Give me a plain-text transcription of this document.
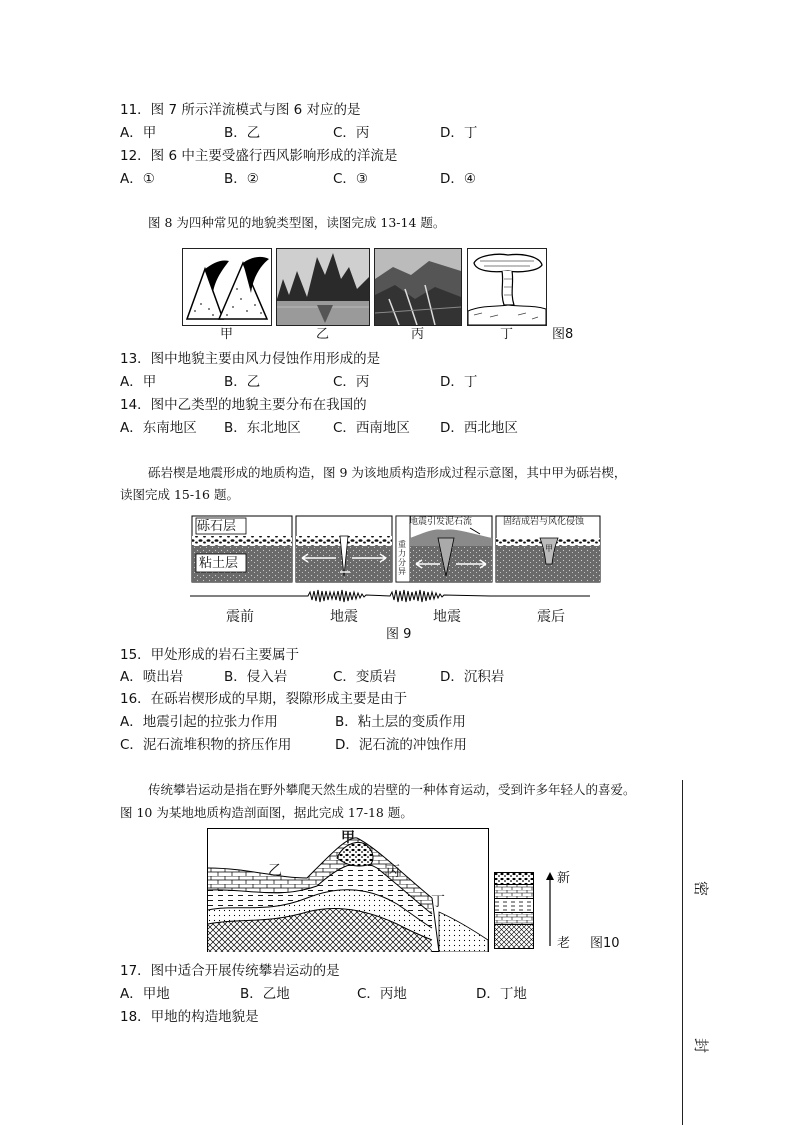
11．图 7 所示洋流模式与图 6 对应的是
A．甲	B．乙	C．丙	D．丁
12．图 6 中主要受盛行西风影响形成的洋流是
A．①	B．②	C．③	D．④
图 8 为四种常见的地貌类型图，读图完成 13-14 题。
甲	乙	丙	丁	图8
13．图中地貌主要由风力侵蚀作用形成的是
A．甲	B．乙	C．丙	D．丁
14．图中乙类型的地貌主要分布在我国的
A．东南地区 B．东北地区 C．西南地区 D．西北地区
砾岩楔是地震形成的地质构造，图 9 为该地质构造形成过程示意图，其中甲为砾岩楔，
读图完成 15-16 题。
砾石层
粘土层
地震引发泥石流
重力分异
固结成岩与风化侵蚀
甲
震前	地震	地震	震后
图 9
15．甲处形成的岩石主要属于
A．喷出岩	B．侵入岩	C．变质岩	D．沉积岩
16．在砾岩楔形成的早期，裂隙形成主要是由于
A．地震引起的拉张力作用	B．粘土层的变质作用
C．泥石流堆积物的挤压作用	D．泥石流的冲蚀作用
传统攀岩运动是指在野外攀爬天然生成的岩壁的一种体育运动，受到许多年轻人的喜爱。
图 10 为某地地质构造剖面图，据此完成 17-18 题。
甲
乙	丙
丁
新
老 图10
17．图中适合开展传统攀岩运动的是
A．甲地	B．乙地	C．丙地	D．丁地
18．甲地的构造地貌是
密
封
